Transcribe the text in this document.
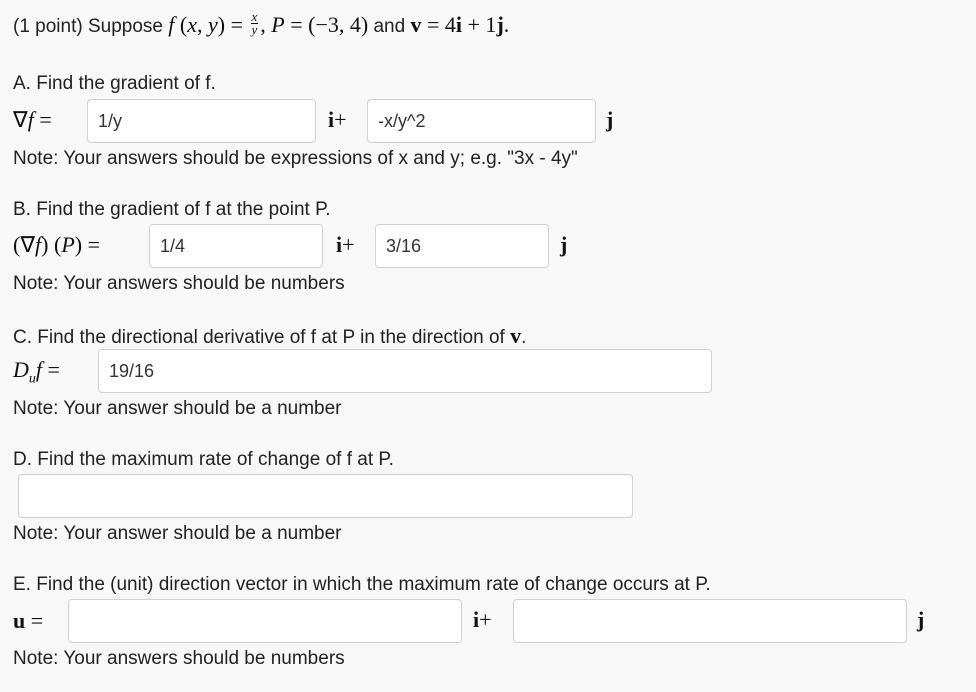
(1 point) Suppose f (x, $y) = \frac{x}{y}$ , P = (−3, 4) and v = 4i + 1j.
A. Find the gradient of f.
∇f =	1/y	i+	-x/y^2	j
Note: Your answers should be expressions of x and y; e.g. "3x - 4y"
B. Find the gradient of f at the point P.
(∇f) (P) =	1/4	i+	3/16	j
Note: Your answers should be numbers
C. Find the directional derivative of f at P in the direction of v.
$D_uf$ =	19/16
Note: Your answer should be a number
D. Find the maximum rate of change of f at P.
Note: Your answer should be a number
E. Find the (unit) direction vector in which the maximum rate of change occurs at P.
u =	i+	j
Note: Your answers should be numbers
